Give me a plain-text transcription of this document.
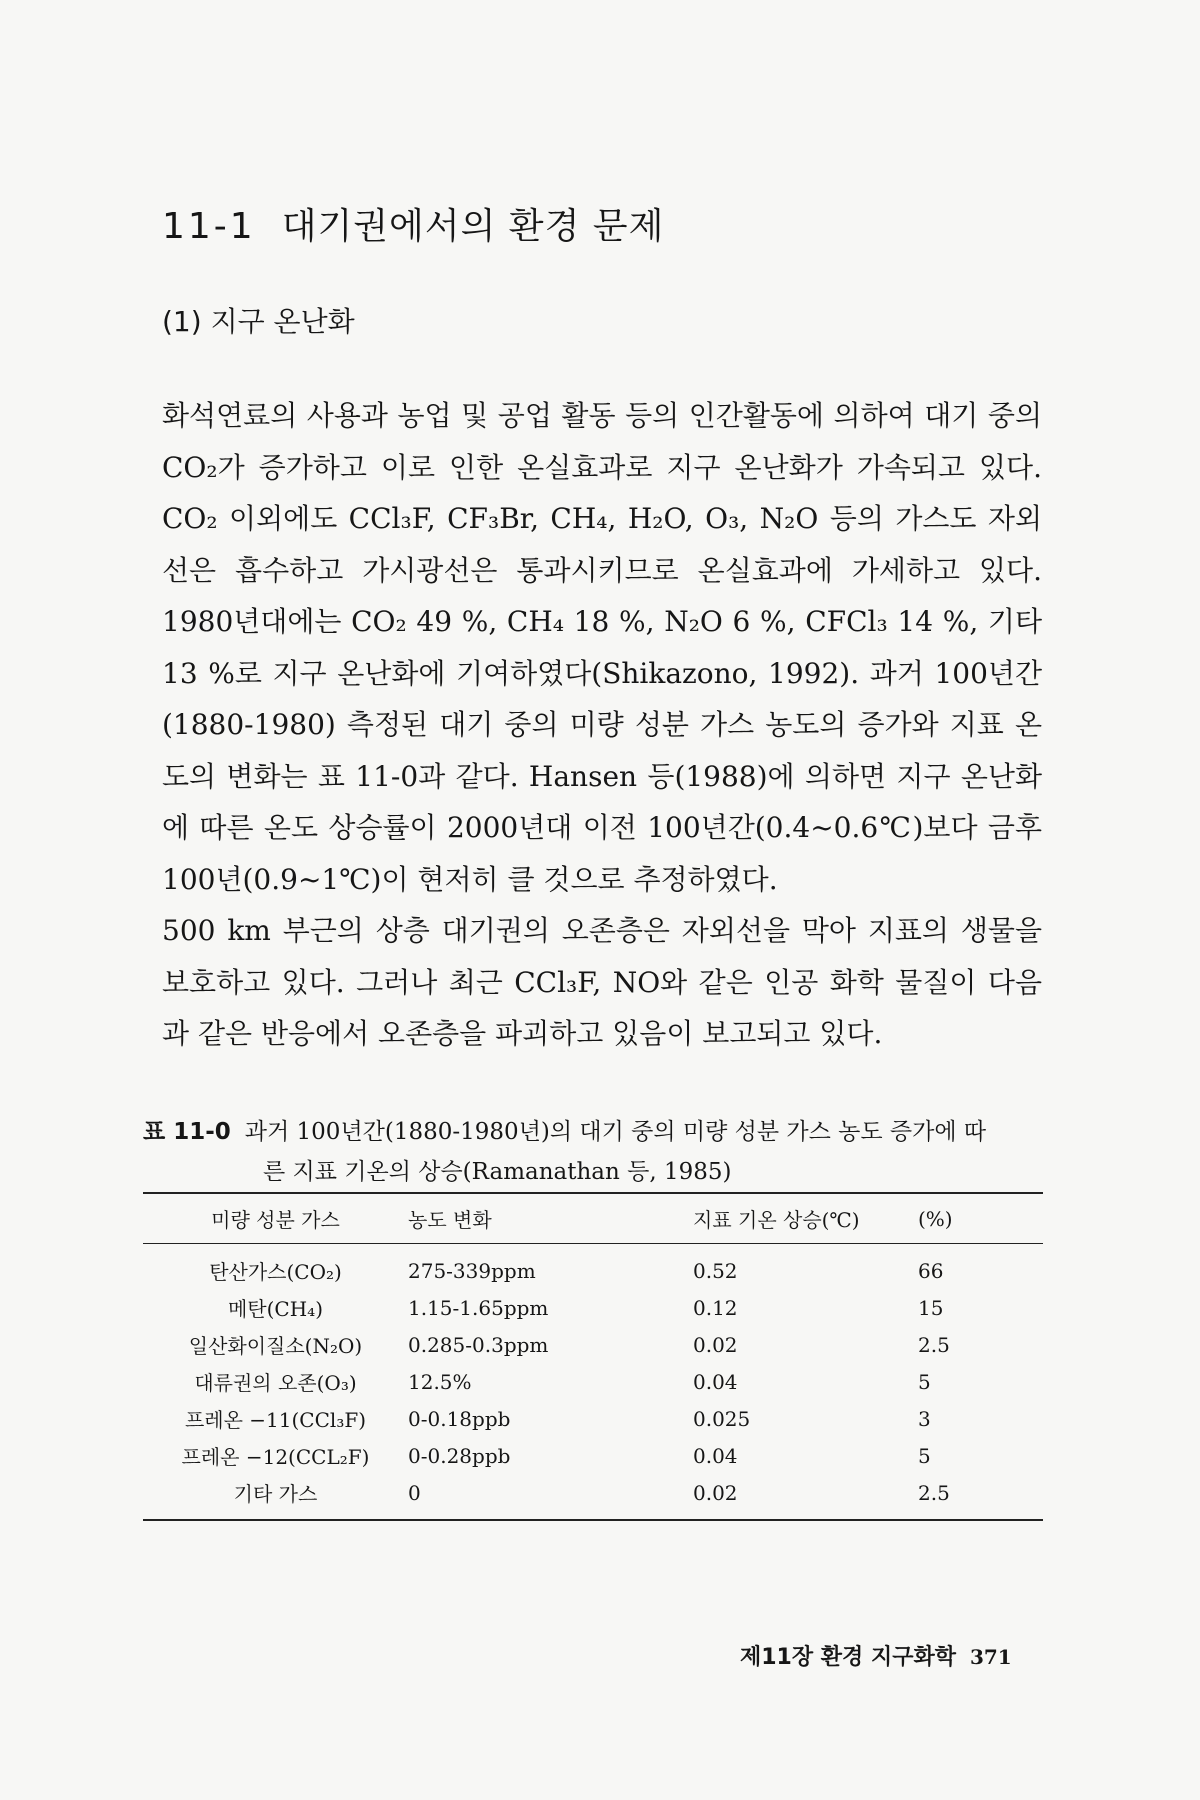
11-1 대기권에서의 환경 문제
(1) 지구 온난화

화석연료의 사용과 농업 및 공업 활동 등의 인간활동에 의하여 대기 중의 CO₂가 증가하고 이로 인한 온실효과로 지구 온난화가 가속되고 있다. CO₂ 이외에도 CCl₃F, CF₃Br, CH₄, H₂O, O₃, N₂O 등의 가스도 자외선은 흡수하고 가시광선은 통과시키므로 온실효과에 가세하고 있다. 1980년대에는 CO₂ 49 %, CH₄ 18 %, N₂O 6 %, CFCl₃ 14 %, 기타 13 %로 지구 온난화에 기여하였다(Shikazono, 1992). 과거 100년간 (1880-1980) 측정된 대기 중의 미량 성분 가스 농도의 증가와 지표 온도의 변화는 표 11-0과 같다. Hansen 등(1988)에 의하면 지구 온난화에 따른 온도 상승률이 2000년대 이전 100년간(0.4~0.6℃)보다 금후 100년(0.9~1℃)이 현저히 클 것으로 추정하였다.

500 km 부근의 상층 대기권의 오존층은 자외선을 막아 지표의 생물을 보호하고 있다. 그러나 최근 CCl₃F, NO와 같은 인공 화학 물질이 다음과 같은 반응에서 오존층을 파괴하고 있음이 보고되고 있다.

표 11-0 과거 100년간(1880-1980년)의 대기 중의 미량 성분 가스 농도 증가에 따
른 지표 기온의 상승(Ramanathan 등, 1985)
미량 성분 가스	농도 변화	지표 기온 상승(℃)	(%)
탄산가스(CO₂)	275-339ppm	0.52	66
메탄(CH₄)	1.15-1.65ppm	0.12	15
일산화이질소(N₂O)	0.285-0.3ppm	0.02	2.5
대류권의 오존(O₃)	12.5%	0.04	5
프레온 −11(CCl₃F)	0-0.18ppb	0.025	3
프레온 −12(CCL₂F)	0-0.28ppb	0.04	5
기타 가스	0	0.02	2.5
제11장 환경 지구화학 371
